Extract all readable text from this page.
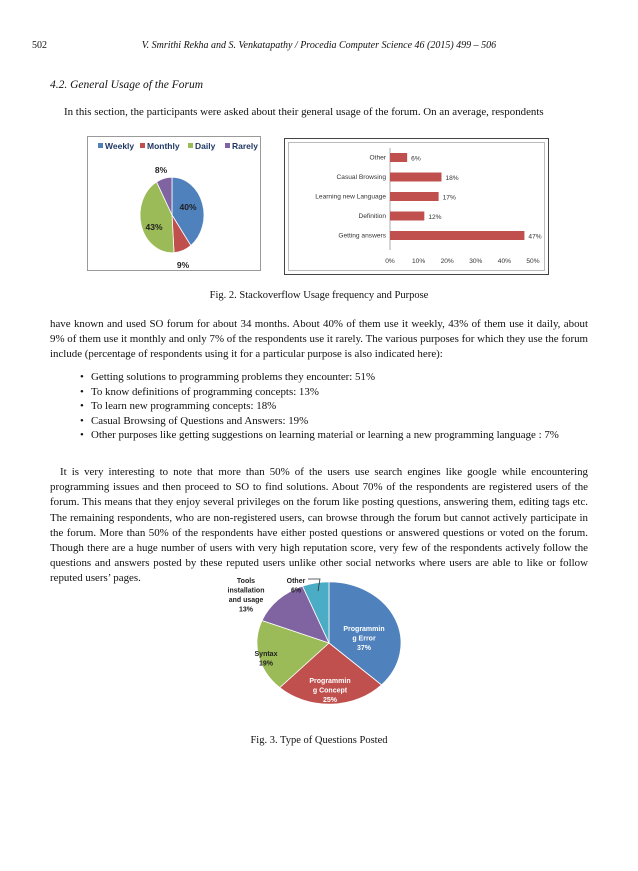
502	V. Smrithi Rekha and S. Venkatapathy / Procedia Computer Science 46 (2015) 499 – 506
4.2. General Usage of the Forum

In this section, the participants were asked about their general usage of the forum. On an average, respondents

Weekly Monthly Daily Rarely
40%
9%
43%
8%
Other	6%
Casual Browsing	18%
Learning new Language	17%
Definition	12%
Getting answers	47%
0%	10% 20% 30% 40% 50%
Fig. 2. Stackoverflow Usage frequency and Purpose

have known and used SO forum for about 34 months. About 40% of them use it weekly, 43% of them use it daily, about 9% of them use it monthly and only 7% of the respondents use it rarely. The various purposes for which they use the forum include (percentage of respondents using it for a particular purpose is also indicated here):

• Getting solutions to programming problems they encounter: 51%
• To know definitions of programming concepts: 13%
• To learn new programming concepts: 18%
• Casual Browsing of Questions and Answers: 19%
• Other purposes like getting suggestions on learning material or learning a new programming language : 7%

It is very interesting to note that more than 50% of the users use search engines like google while encountering programming issues and then proceed to SO to find solutions. About 70% of the respondents are registered users of the forum. This means that they enjoy several privileges on the forum like posting questions, answering them, editing tags etc. The remaining respondents, who are non-registered users, can browse through the forum but cannot actively participate in the forum. More than 50% of the respondents have either posted questions or answered questions or voted on the forum. Though there are a huge number of users with very high reputation score, very few of the respondents actively follow the questions and answers posted by these reputed users unlike other social networks where users are able to like or follow reputed users’ pages.

Programmin g Error 37%
Programmin g Concept 25%
Syntax 19%
Tools installation and usage 13%
Other 6%
Fig. 3. Type of Questions Posted
